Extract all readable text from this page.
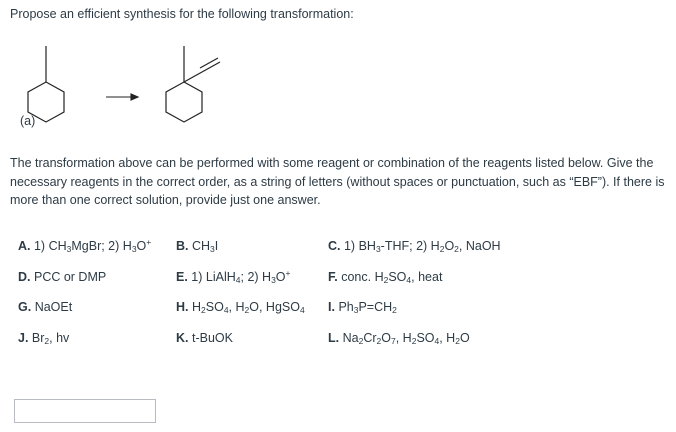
Propose an efficient synthesis for the following transformation:
(a)
The transformation above can be performed with some reagent or combination of the reagents listed below. Give the necessary reagents in the correct order, as a string of letters (without spaces or punctuation, such as “EBF”). If there is more than one correct solution, provide just one answer.
A. 1) $CH_3MgBr$; 2) $H_3O^+$ B. $CH_3I$	C. 1) $BH_3$-THF; 2) $H_2O_2$, NaOH
D. PCC or DMP	E. 1) LiAlH$_4$; 2) $H_3O^+$	F. conc. $H_2SO_4$, heat
G. NaOEt	H. $H_2SO_4$, $H_2O$, HgSO$_4$ I. $Ph_3P=CH_2$
J. $Br_2$, hv	K. t-BuOK	L. $Na_2Cr_2O_7$, $H_2SO_4$, $H_2O$
